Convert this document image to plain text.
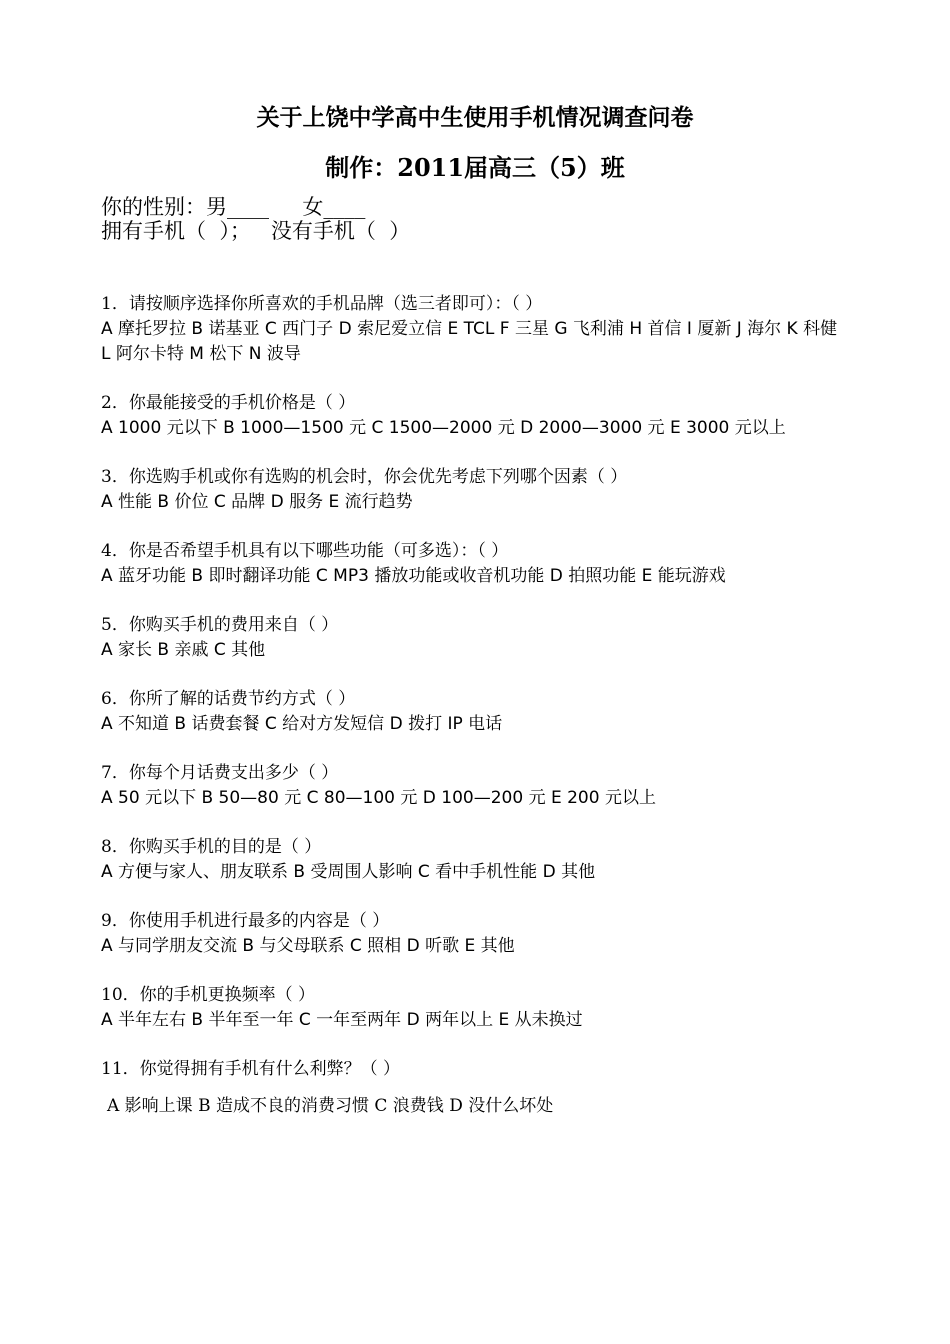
关于上饶中学高中生使用手机情况调查问卷
制作：2011届高三（5）班

你的性别：男____     女____

拥有手机（  ）；   没有手机（  ）

1．请按顺序选择你所喜欢的手机品牌（选三者即可）：（ ）
A 摩托罗拉 B 诺基亚 C 西门子 D 索尼爱立信 E TCL F 三星 G 飞利浦 H 首信 I 厦新 J 海尔 K 科健 L 阿尔卡特 M 松下 N 波导
2．你最能接受的手机价格是（ ）
A 1000 元以下 B 1000—1500 元 C 1500—2000 元 D 2000—3000 元 E 3000 元以上
3．你选购手机或你有选购的机会时，你会优先考虑下列哪个因素（ ）
A 性能 B 价位 C 品牌 D 服务 E 流行趋势
4．你是否希望手机具有以下哪些功能（可多选）：（ ）
A 蓝牙功能 B 即时翻译功能 C MP3 播放功能或收音机功能 D 拍照功能 E 能玩游戏
5．你购买手机的费用来自（ ）
A 家长 B 亲戚 C 其他
6．你所了解的话费节约方式（ ）
A 不知道 B 话费套餐 C 给对方发短信 D 拨打 IP 电话
7．你每个月话费支出多少（ ）
A 50 元以下 B 50—80 元 C 80—100 元 D 100—200 元 E 200 元以上
8．你购买手机的目的是（ ）
A 方便与家人、朋友联系 B 受周围人影响 C 看中手机性能 D 其他
9．你使用手机进行最多的内容是（ ）
A 与同学朋友交流 B 与父母联系 C 照相 D 听歌 E 其他
10．你的手机更换频率（ ）
A 半年左右 B 半年至一年 C 一年至两年 D 两年以上 E 从未换过
11．你觉得拥有手机有什么利弊？（ ）
A 影响上课 B 造成不良的消费习惯 C 浪费钱 D 没什么坏处
